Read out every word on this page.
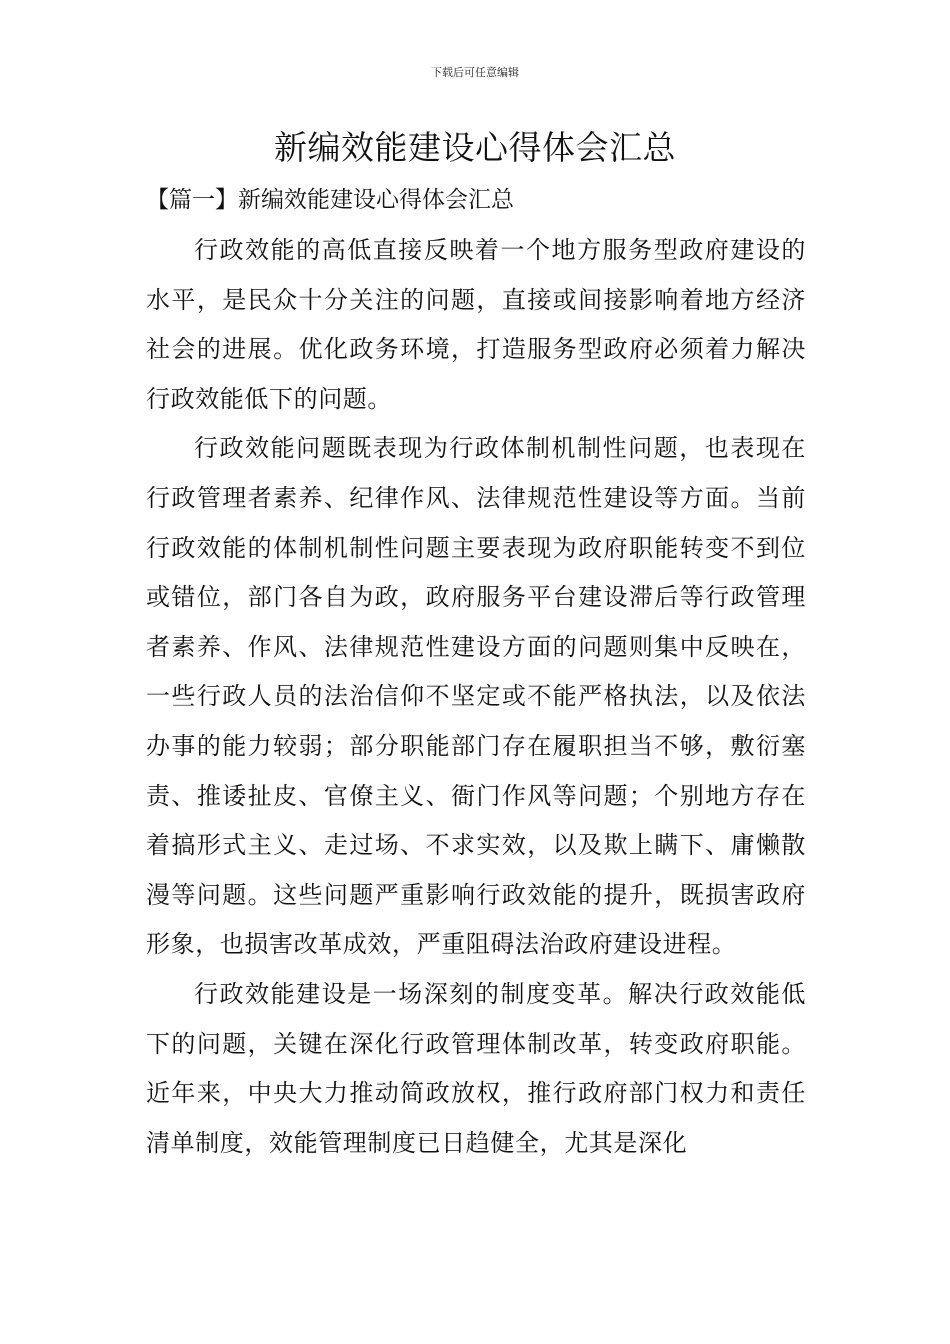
下载后可任意编辑
新编效能建设心得体会汇总
【篇一】新编效能建设心得体会汇总

行政效能的高低直接反映着一个地方服务型政府建设的水平，是民众十分关注的问题，直接或间接影响着地方经济社会的进展。优化政务环境，打造服务型政府必须着力解决行政效能低下的问题。

行政效能问题既表现为行政体制机制性问题，也表现在行政管理者素养、纪律作风、法律规范性建设等方面。当前行政效能的体制机制性问题主要表现为政府职能转变不到位或错位，部门各自为政，政府服务平台建设滞后等行政管理者素养、作风、法律规范性建设方面的问题则集中反映在，一些行政人员的法治信仰不坚定或不能严格执法，以及依法办事的能力较弱；部分职能部门存在履职担当不够，敷衍塞责、推诿扯皮、官僚主义、衙门作风等问题；个别地方存在着搞形式主义、走过场、不求实效，以及欺上瞒下、庸懒散漫等问题。这些问题严重影响行政效能的提升，既损害政府形象，也损害改革成效，严重阻碍法治政府建设进程。

行政效能建设是一场深刻的制度变革。解决行政效能低下的问题，关键在深化行政管理体制改革，转变政府职能。近年来，中央大力推动简政放权，推行政府部门权力和责任清单制度，效能管理制度已日趋健全，尤其是深化
